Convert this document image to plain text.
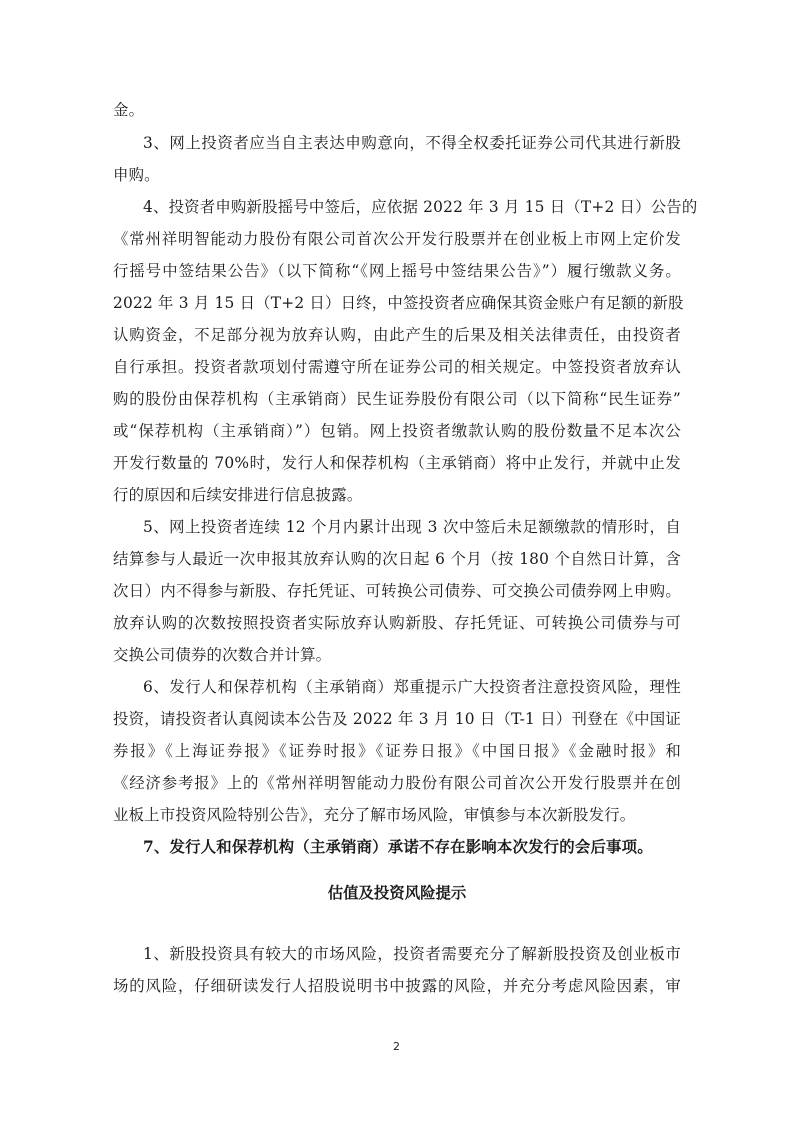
金。
3、网上投资者应当自主表达申购意向，不得全权委托证券公司代其进行新股
申购。
4、投资者申购新股摇号中签后，应依据 2022 年 3 月 15 日（T+2 日）公告的
《常州祥明智能动力股份有限公司首次公开发行股票并在创业板上市网上定价发
行摇号中签结果公告》（以下简称“《网上摇号中签结果公告》”）履行缴款义务。
2022 年 3 月 15 日（T+2 日）日终，中签投资者应确保其资金账户有足额的新股
认购资金，不足部分视为放弃认购，由此产生的后果及相关法律责任，由投资者
自行承担。投资者款项划付需遵守所在证券公司的相关规定。中签投资者放弃认
购的股份由保荐机构（主承销商）民生证券股份有限公司（以下简称“民生证券”
或“保荐机构（主承销商）”）包销。网上投资者缴款认购的股份数量不足本次公
开发行数量的 70%时，发行人和保荐机构（主承销商）将中止发行，并就中止发
行的原因和后续安排进行信息披露。
5、网上投资者连续 12 个月内累计出现 3 次中签后未足额缴款的情形时，自
结算参与人最近一次申报其放弃认购的次日起 6 个月（按 180 个自然日计算，含
次日）内不得参与新股、存托凭证、可转换公司债券、可交换公司债券网上申购。
放弃认购的次数按照投资者实际放弃认购新股、存托凭证、可转换公司债券与可
交换公司债券的次数合并计算。
6、发行人和保荐机构（主承销商）郑重提示广大投资者注意投资风险，理性
投资，请投资者认真阅读本公告及 2022 年 3 月 10 日（T-1 日）刊登在《中国证
券报》《上海证券报》《证券时报》《证券日报》《中国日报》《金融时报》和
《经济参考报》上的《常州祥明智能动力股份有限公司首次公开发行股票并在创
业板上市投资风险特别公告》，充分了解市场风险，审慎参与本次新股发行。
7、发行人和保荐机构（主承销商）承诺不存在影响本次发行的会后事项。
估值及投资风险提示
1、新股投资具有较大的市场风险，投资者需要充分了解新股投资及创业板市
场的风险，仔细研读发行人招股说明书中披露的风险，并充分考虑风险因素，审
2
